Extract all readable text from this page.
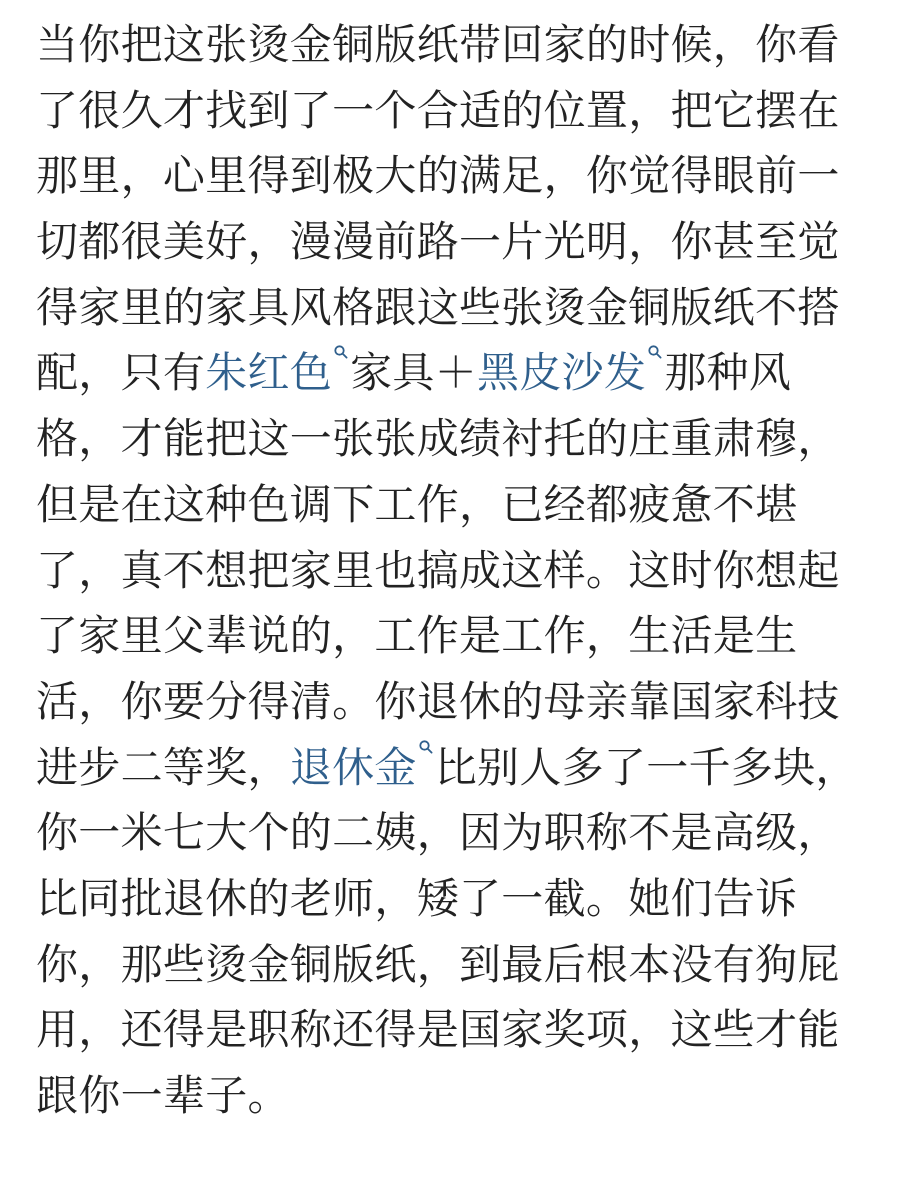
当你把这张烫金铜版纸带回家的时候，你看
了很久才找到了一个合适的位置，把它摆在
那里，心里得到极大的满足，你觉得眼前一
切都很美好，漫漫前路一片光明，你甚至觉
得家里的家具风格跟这些张烫金铜版纸不搭
配，只有朱红色 家具＋黑皮沙发 那种风
格，才能把这一张张成绩衬托的庄重肃穆，
但是在这种色调下工作，已经都疲惫不堪
了，真不想把家里也搞成这样。这时你想起
了家里父辈说的，工作是工作，生活是生
活，你要分得清。你退休的母亲靠国家科技
进步二等奖，退休金 比别人多了一千多块，
你一米七大个的二姨，因为职称不是高级，
比同批退休的老师，矮了一截。她们告诉
你，那些烫金铜版纸，到最后根本没有狗屁
用，还得是职称还得是国家奖项，这些才能
跟你一辈子。
